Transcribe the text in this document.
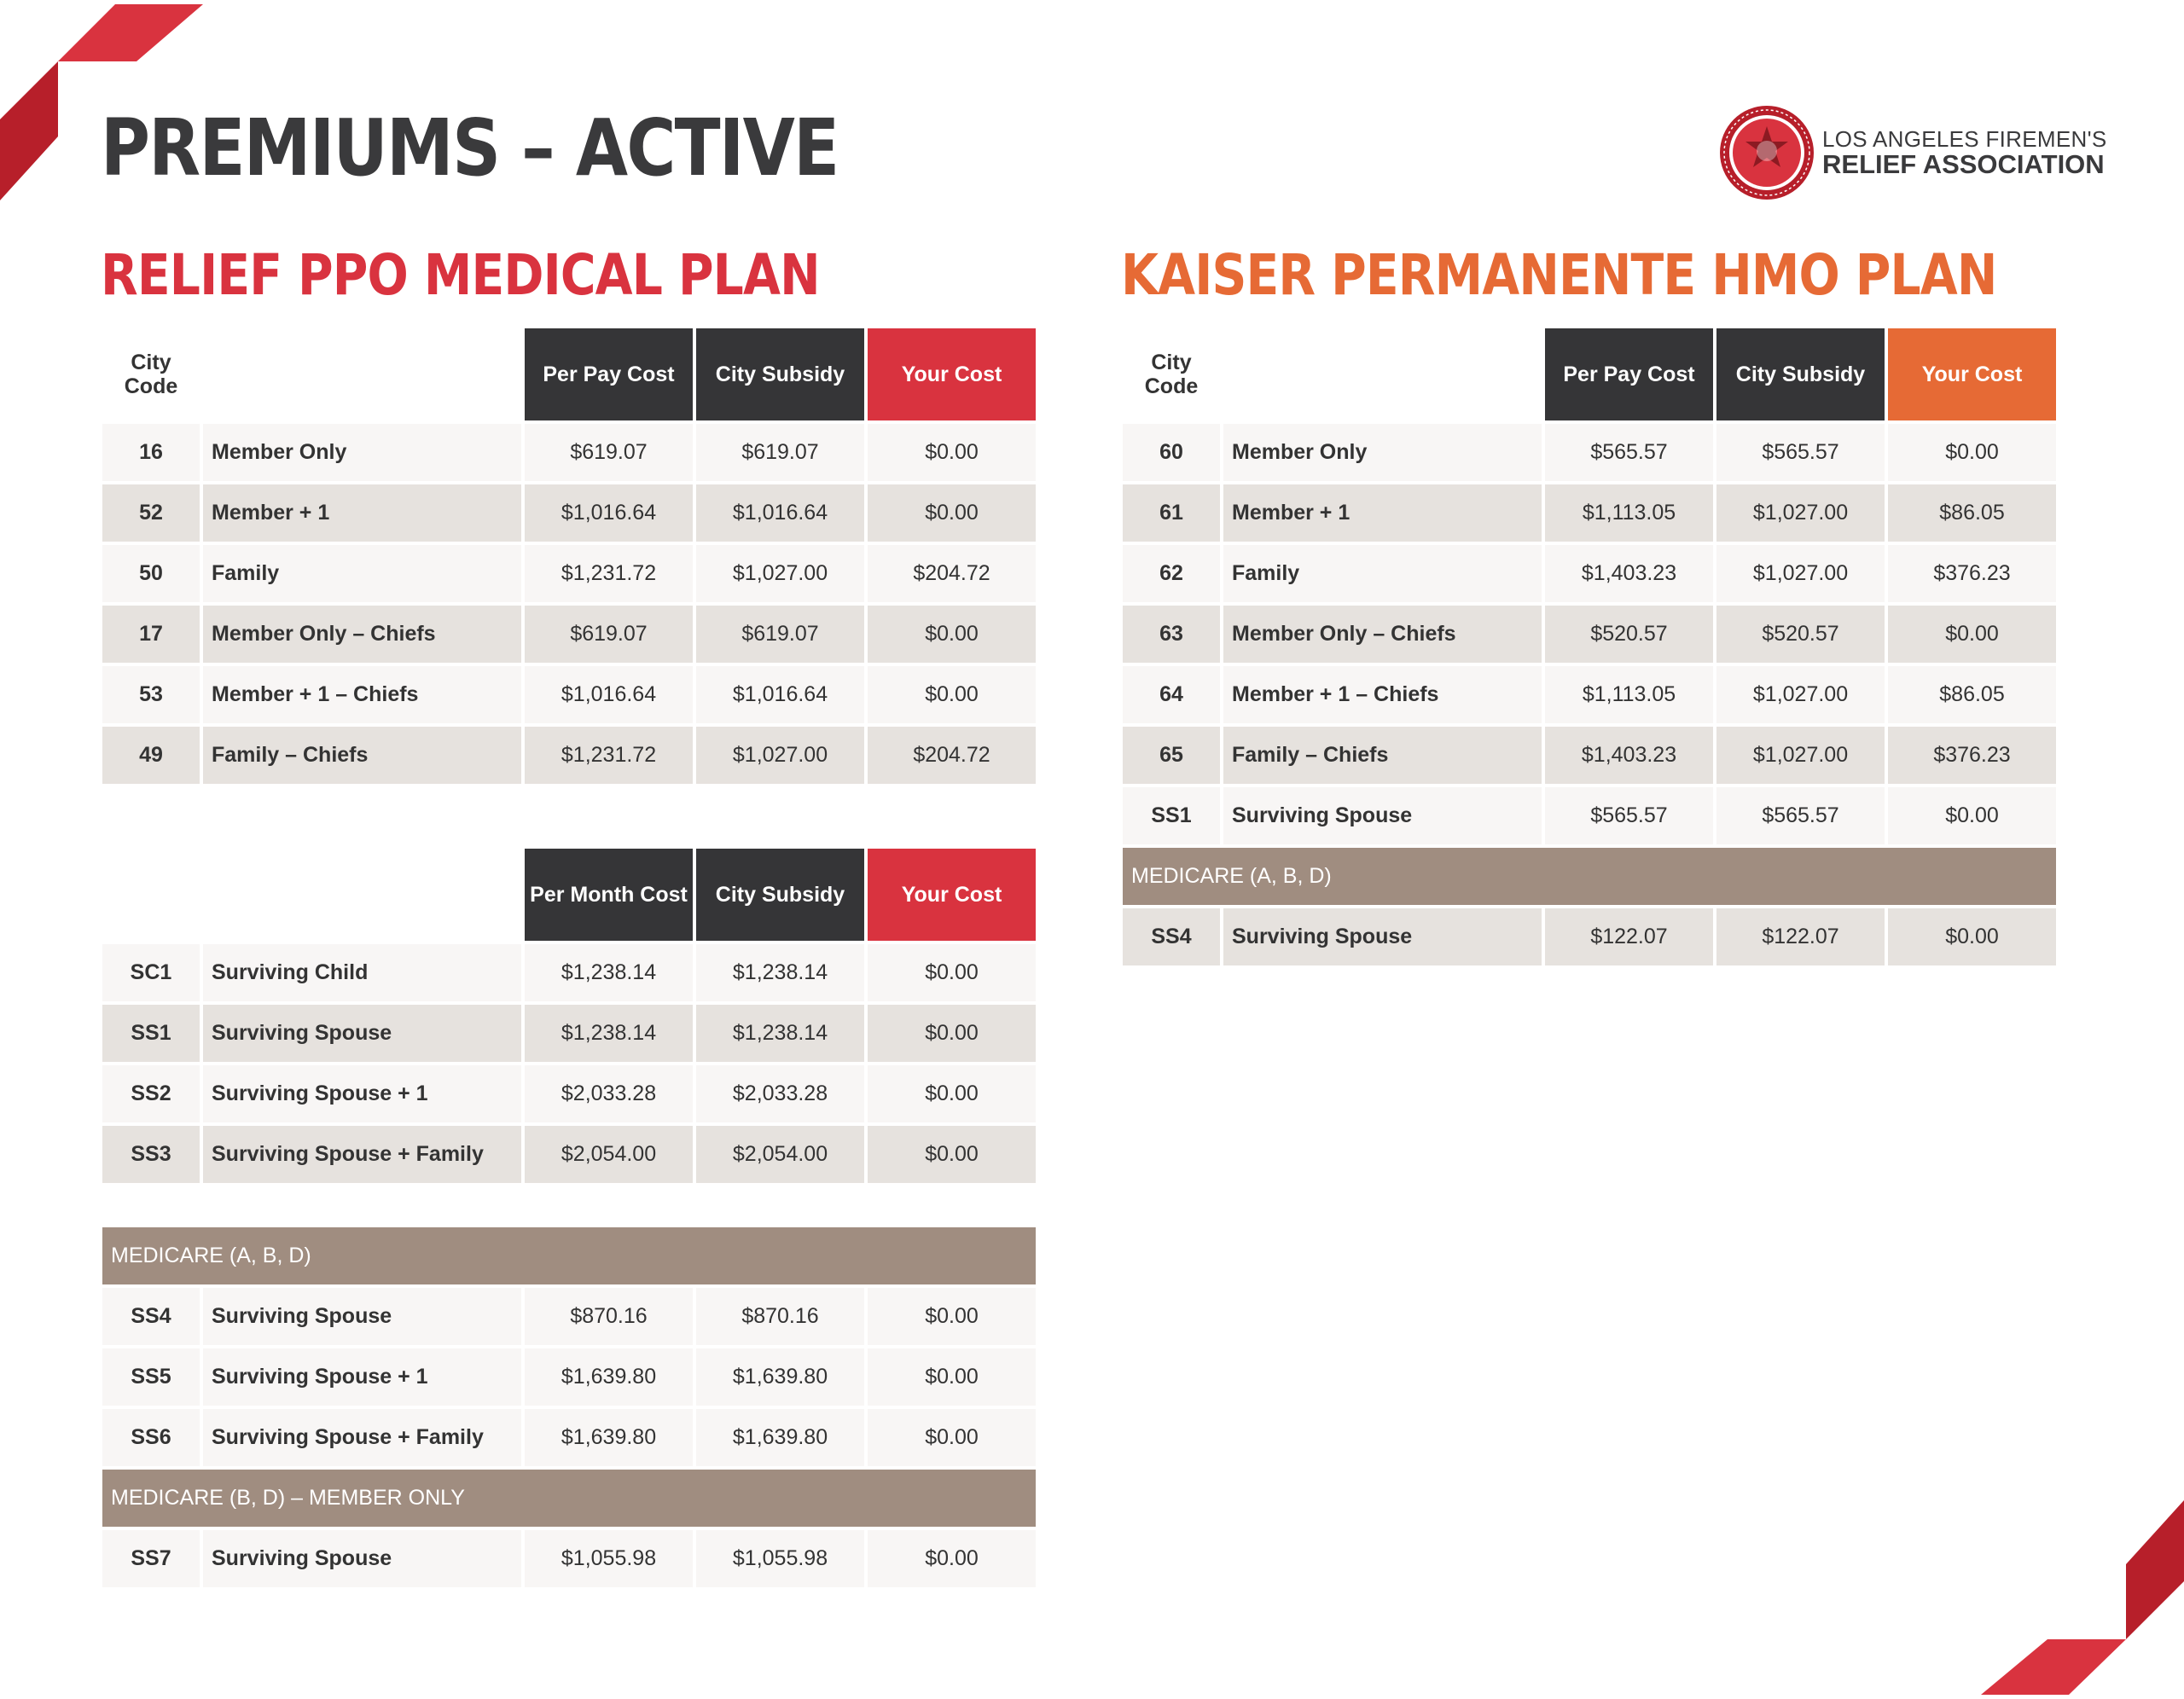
PREMIUMS – ACTIVE	LOS ANGELES FIREMEN'S
RELIEF ASSOCIATION
RELIEF PPO MEDICAL PLAN	KAISER PERMANENTE HMO PLAN
City Code		Per Pay Cost	City Subsidy	Your Cost
16	Member Only	$619.07	$619.07	$0.00
52	Member + 1	$1,016.64	$1,016.64	$0.00
50	Family	$1,231.72	$1,027.00	$204.72
17	Member Only – Chiefs	$619.07	$619.07	$0.00
53	Member + 1 – Chiefs	$1,016.64	$1,016.64	$0.00
49	Family – Chiefs	$1,231.72	$1,027.00	$204.72
		Per Month Cost	City Subsidy	Your Cost
SC1	Surviving Child	$1,238.14	$1,238.14	$0.00
SS1	Surviving Spouse	$1,238.14	$1,238.14	$0.00
SS2	Surviving Spouse + 1	$2,033.28	$2,033.28	$0.00
SS3	Surviving Spouse + Family	$2,054.00	$2,054.00	$0.00
MEDICARE (A, B, D)				
SS4	Surviving Spouse	$870.16	$870.16	$0.00
SS5	Surviving Spouse + 1	$1,639.80	$1,639.80	$0.00
SS6	Surviving Spouse + Family	$1,639.80	$1,639.80	$0.00
MEDICARE (B, D) – MEMBER ONLY				
SS7	Surviving Spouse	$1,055.98	$1,055.98	$0.00
City Code		Per Pay Cost	City Subsidy	Your Cost
60	Member Only	$565.57	$565.57	$0.00
61	Member + 1	$1,113.05	$1,027.00	$86.05
62	Family	$1,403.23	$1,027.00	$376.23
63	Member Only – Chiefs	$520.57	$520.57	$0.00
64	Member + 1 – Chiefs	$1,113.05	$1,027.00	$86.05
65	Family – Chiefs	$1,403.23	$1,027.00	$376.23
SS1	Surviving Spouse	$565.57	$565.57	$0.00
MEDICARE (A, B, D)				
SS4	Surviving Spouse	$122.07	$122.07	$0.00
